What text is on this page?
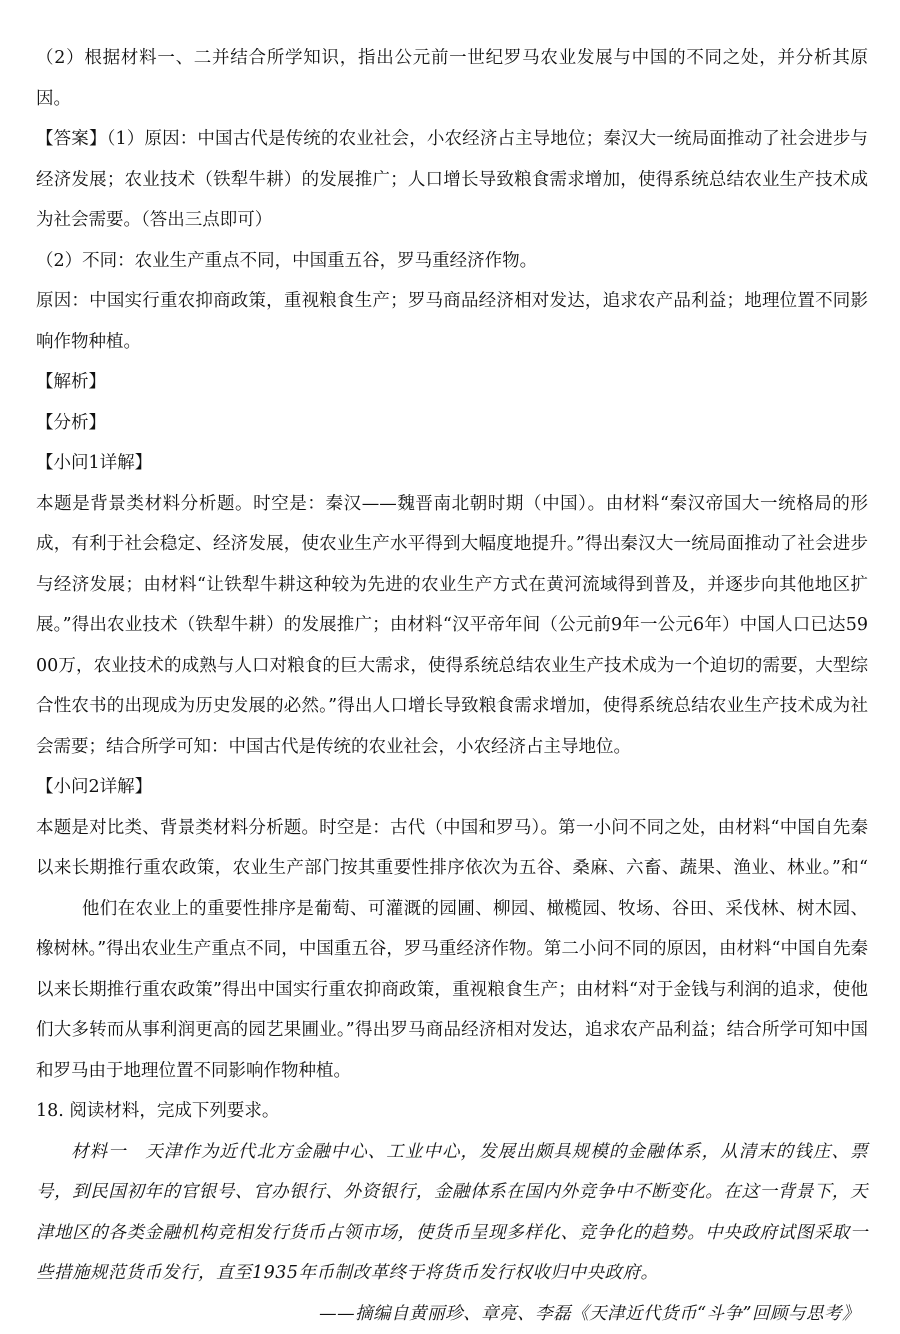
（2）根据材料一、二并结合所学知识，指出公元前一世纪罗马农业发展与中国的不同之处，并分析其原因。

【答案】（1）原因：中国古代是传统的农业社会，小农经济占主导地位；秦汉大一统局面推动了社会进步与经济发展；农业技术（铁犁牛耕）的发展推广；人口增长导致粮食需求增加，使得系统总结农业生产技术成为社会需要。（答出三点即可）

（2）不同：农业生产重点不同，中国重五谷，罗马重经济作物。

原因：中国实行重农抑商政策，重视粮食生产；罗马商品经济相对发达，追求农产品利益；地理位置不同影响作物种植。

【解析】

【分析】

【小问1详解】

本题是背景类材料分析题。时空是：秦汉——魏晋南北朝时期（中国）。由材料“秦汉帝国大一统格局的形成，有利于社会稳定、经济发展，使农业生产水平得到大幅度地提升。”得出秦汉大一统局面推动了社会进步与经济发展；由材料“让铁犁牛耕这种较为先进的农业生产方式在黄河流域得到普及，并逐步向其他地区扩展。”得出农业技术（铁犁牛耕）的发展推广；由材料“汉平帝年间（公元前9年一公元6年）中国人口已达5900万，农业技术的成熟与人口对粮食的巨大需求，使得系统总结农业生产技术成为一个迫切的需要，大型综合性农书的出现成为历史发展的必然。”得出人口增长导致粮食需求增加，使得系统总结农业生产技术成为社会需要；结合所学可知：中国古代是传统的农业社会，小农经济占主导地位。

【小问2详解】

本题是对比类、背景类材料分析题。时空是：古代（中国和罗马）。第一小问不同之处，由材料“中国自先秦以来长期推行重农政策，农业生产部门按其重要性排序依次为五谷、桑麻、六畜、蔬果、渔业、林业。”和“他们在农业上的重要性排序是葡萄、可灌溉的园圃、柳园、橄榄园、牧场、谷田、采伐林、树木园、橡树林。”得出农业生产重点不同，中国重五谷，罗马重经济作物。第二小问不同的原因，由材料“中国自先秦以来长期推行重农政策”得出中国实行重农抑商政策，重视粮食生产；由材料“对于金钱与利润的追求，使他们大多转而从事利润更高的园艺果圃业。”得出罗马商品经济相对发达，追求农产品利益；结合所学可知中国和罗马由于地理位置不同影响作物种植。

18. 阅读材料，完成下列要求。

材料一　天津作为近代北方金融中心、工业中心，发展出颇具规模的金融体系，从清末的钱庄、票号，到民国初年的官银号、官办银行、外资银行，金融体系在国内外竞争中不断变化。在这一背景下，天津地区的各类金融机构竞相发行货币占领市场，使货币呈现多样化、竞争化的趋势。中央政府试图采取一些措施规范货币发行，直至1935年币制改革终于将货币发行权收归中央政府。

——摘编自黄丽珍、章亮、李磊《天津近代货币“斗争”回顾与思考》
